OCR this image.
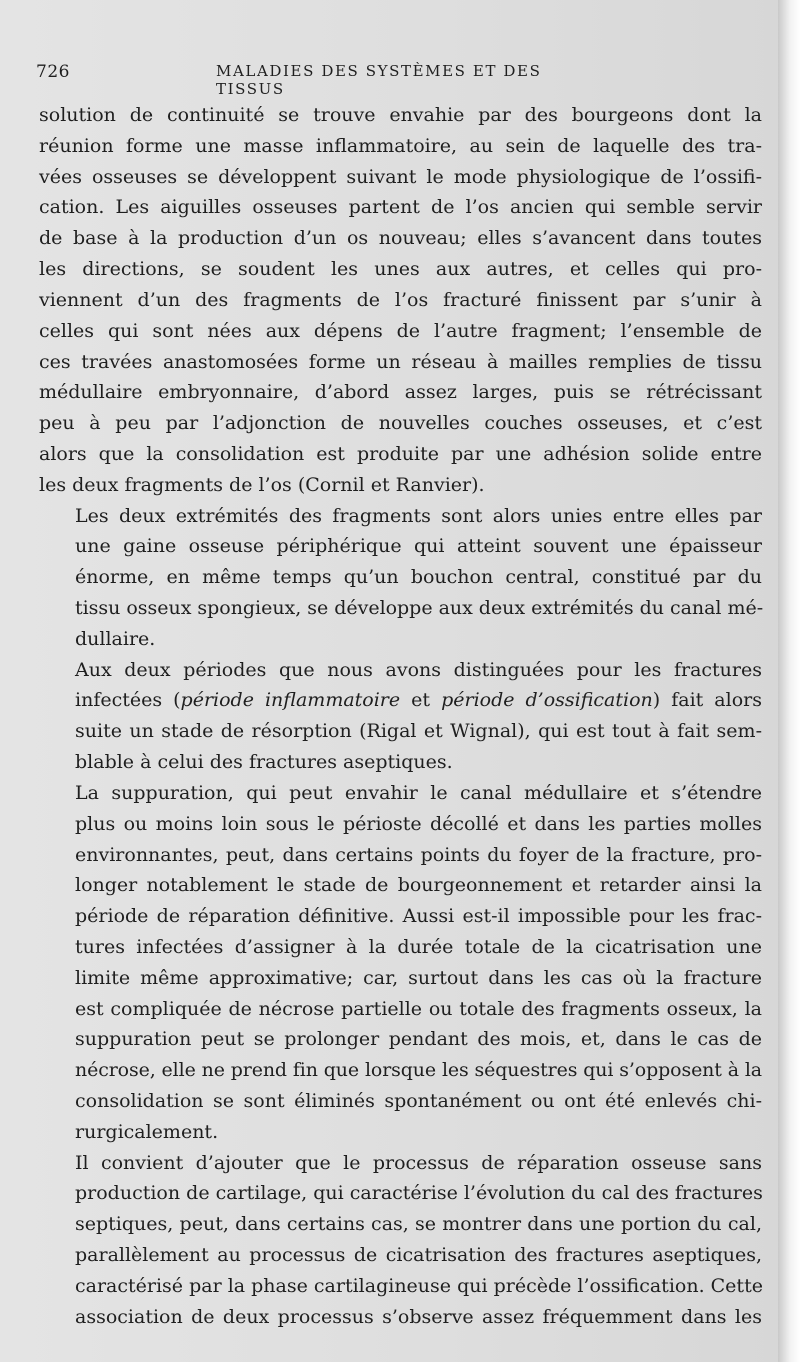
726	MALADIES DES SYSTÈMES ET DES TISSUS

solution de continuité se trouve envahie par des bourgeons dont la
réunion forme une masse inflammatoire, au sein de laquelle des tra-
vées osseuses se développent suivant le mode physiologique de l’ossifi-
cation. Les aiguilles osseuses partent de l’os ancien qui semble servir
de base à la production d’un os nouveau; elles s’avancent dans toutes
les directions, se soudent les unes aux autres, et celles qui pro-
viennent d’un des fragments de l’os fracturé finissent par s’unir à
celles qui sont nées aux dépens de l’autre fragment; l’ensemble de
ces travées anastomosées forme un réseau à mailles remplies de tissu
médullaire embryonnaire, d’abord assez larges, puis se rétrécissant
peu à peu par l’adjonction de nouvelles couches osseuses, et c’est
alors que la consolidation est produite par une adhésion solide entre
les deux fragments de l’os (Cornil et Ranvier).

Les deux extrémités des fragments sont alors unies entre elles par
une gaine osseuse périphérique qui atteint souvent une épaisseur
énorme, en même temps qu’un bouchon central, constitué par du
tissu osseux spongieux, se développe aux deux extrémités du canal mé-
dullaire.

Aux deux périodes que nous avons distinguées pour les fractures
infectées (période inflammatoire et période d’ossification) fait alors
suite un stade de résorption (Rigal et Wignal), qui est tout à fait sem-
blable à celui des fractures aseptiques.

La suppuration, qui peut envahir le canal médullaire et s’étendre
plus ou moins loin sous le périoste décollé et dans les parties molles
environnantes, peut, dans certains points du foyer de la fracture, pro-
longer notablement le stade de bourgeonnement et retarder ainsi la
période de réparation définitive. Aussi est-il impossible pour les frac-
tures infectées d’assigner à la durée totale de la cicatrisation une
limite même approximative; car, surtout dans les cas où la fracture
est compliquée de nécrose partielle ou totale des fragments osseux, la
suppuration peut se prolonger pendant des mois, et, dans le cas de
nécrose, elle ne prend fin que lorsque les séquestres qui s’opposent à la
consolidation se sont éliminés spontanément ou ont été enlevés chi-
rurgicalement.

Il convient d’ajouter que le processus de réparation osseuse sans
production de cartilage, qui caractérise l’évolution du cal des fractures
septiques, peut, dans certains cas, se montrer dans une portion du cal,
parallèlement au processus de cicatrisation des fractures aseptiques,
caractérisé par la phase cartilagineuse qui précède l’ossification. Cette
association de deux processus s’observe assez fréquemment dans les
